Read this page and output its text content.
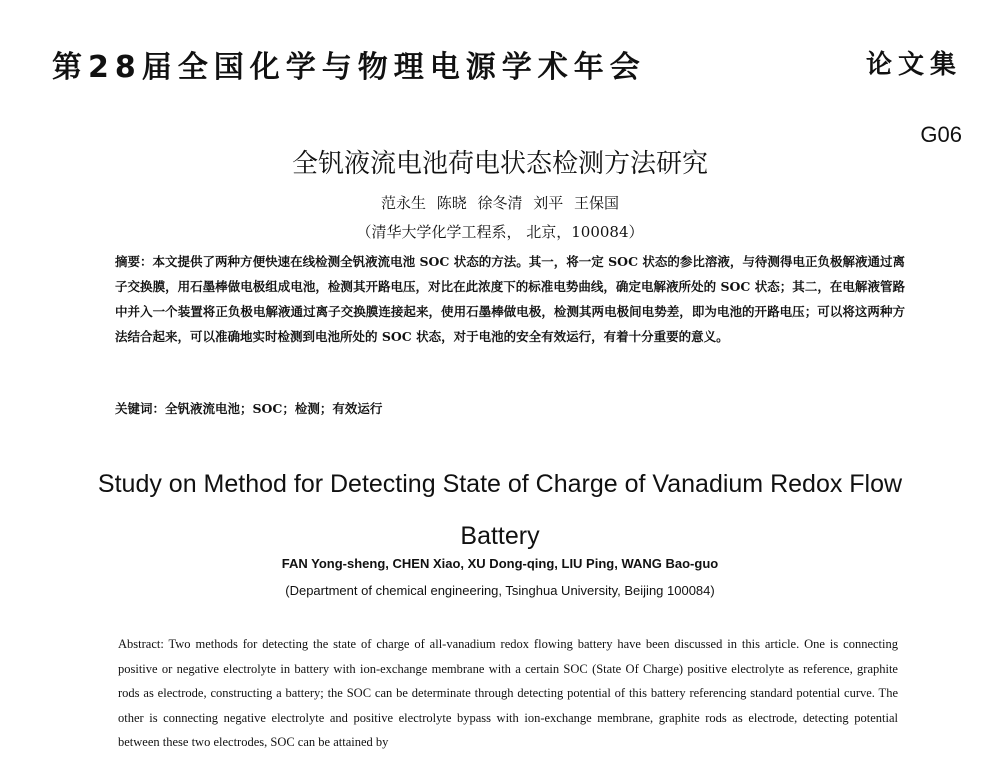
第28届全国化学与物理电源学术年会	论文集
G06
全钒液流电池荷电状态检测方法研究
范永生 陈晓 徐冬清 刘平 王保国
（清华大学化学工程系， 北京，100084）
摘要：本文提供了两种方便快速在线检测全钒液流电池 SOC 状态的方法。其一，将一定 SOC 状态的参比溶液，与待测得电正负极解液通过离子交换膜，用石墨棒做电极组成电池，检测其开路电压，对比在此浓度下的标准电势曲线，确定电解液所处的 SOC 状态；其二，在电解液管路中并入一个装置将正负极电解液通过离子交换膜连接起来，使用石墨棒做电极，检测其两电极间电势差，即为电池的开路电压；可以将这两种方法结合起来，可以准确地实时检测到电池所处的 SOC 状态，对于电池的安全有效运行，有着十分重要的意义。
关键词：全钒液流电池；SOC；检测；有效运行
Study on Method for Detecting State of Charge of Vanadium Redox Flow Battery
FAN Yong-sheng, CHEN Xiao, XU Dong-qing, LIU Ping, WANG Bao-guo
(Department of chemical engineering, Tsinghua University, Beijing 100084)
Abstract: Two methods for detecting the state of charge of all-vanadium redox flowing battery have been discussed in this article. One is connecting positive or negative electrolyte in battery with ion-exchange membrane with a certain SOC (State Of Charge) positive electrolyte as reference, graphite rods as electrode, constructing a battery; the SOC can be determinate through detecting potential of this battery referencing standard potential curve. The other is connecting negative electrolyte and positive electrolyte bypass with ion-exchange membrane, graphite rods as electrode, detecting potential between these two electrodes, SOC can be attained by
